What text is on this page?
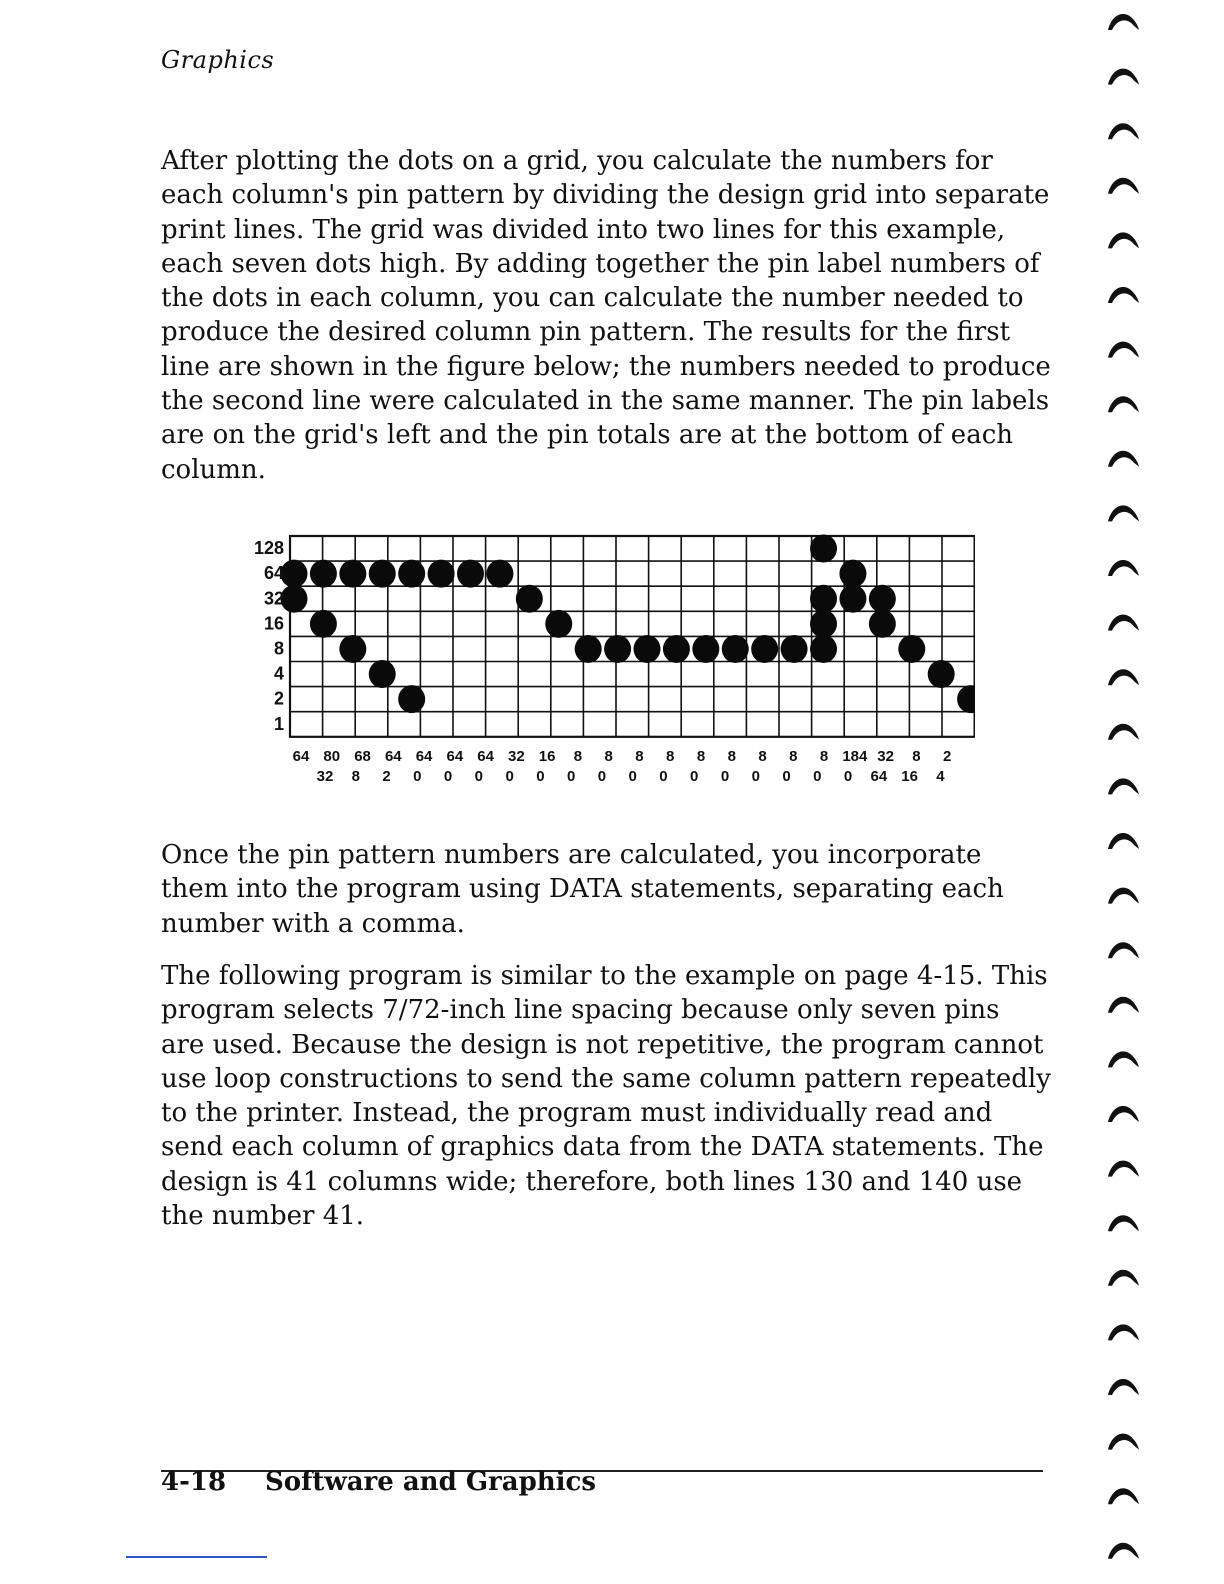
Graphics

After plotting the dots on a grid, you calculate the numbers for each column's pin pattern by dividing the design grid into separate print lines. The grid was divided into two lines for this example, each seven dots high. By adding together the pin label numbers of the dots in each column, you can calculate the number needed to produce the desired column pin pattern. The results for the first line are shown in the figure below; the numbers needed to produce the second line were calculated in the same manner. The pin labels are on the grid's left and the pin totals are at the bottom of each column.

128
64
32
16
8
4
2
1
64 80 68 64 64 64 64 32 16 8 8 8 8 8 8 8 8 8 184 32 8 2
32 8 2 0 0 0 0 0 0 0 0 0 0 0 0 0 0 0 64 16 4

Once the pin pattern numbers are calculated, you incorporate them into the program using DATA statements, separating each number with a comma.

The following program is similar to the example on page 4-15. This program selects 7/72-inch line spacing because only seven pins are used. Because the design is not repetitive, the program cannot use loop constructions to send the same column pattern repeatedly to the printer. Instead, the program must individually read and send each column of graphics data from the DATA statements. The design is 41 columns wide; therefore, both lines 130 and 140 use the number 41.

4-18 Software and Graphics
